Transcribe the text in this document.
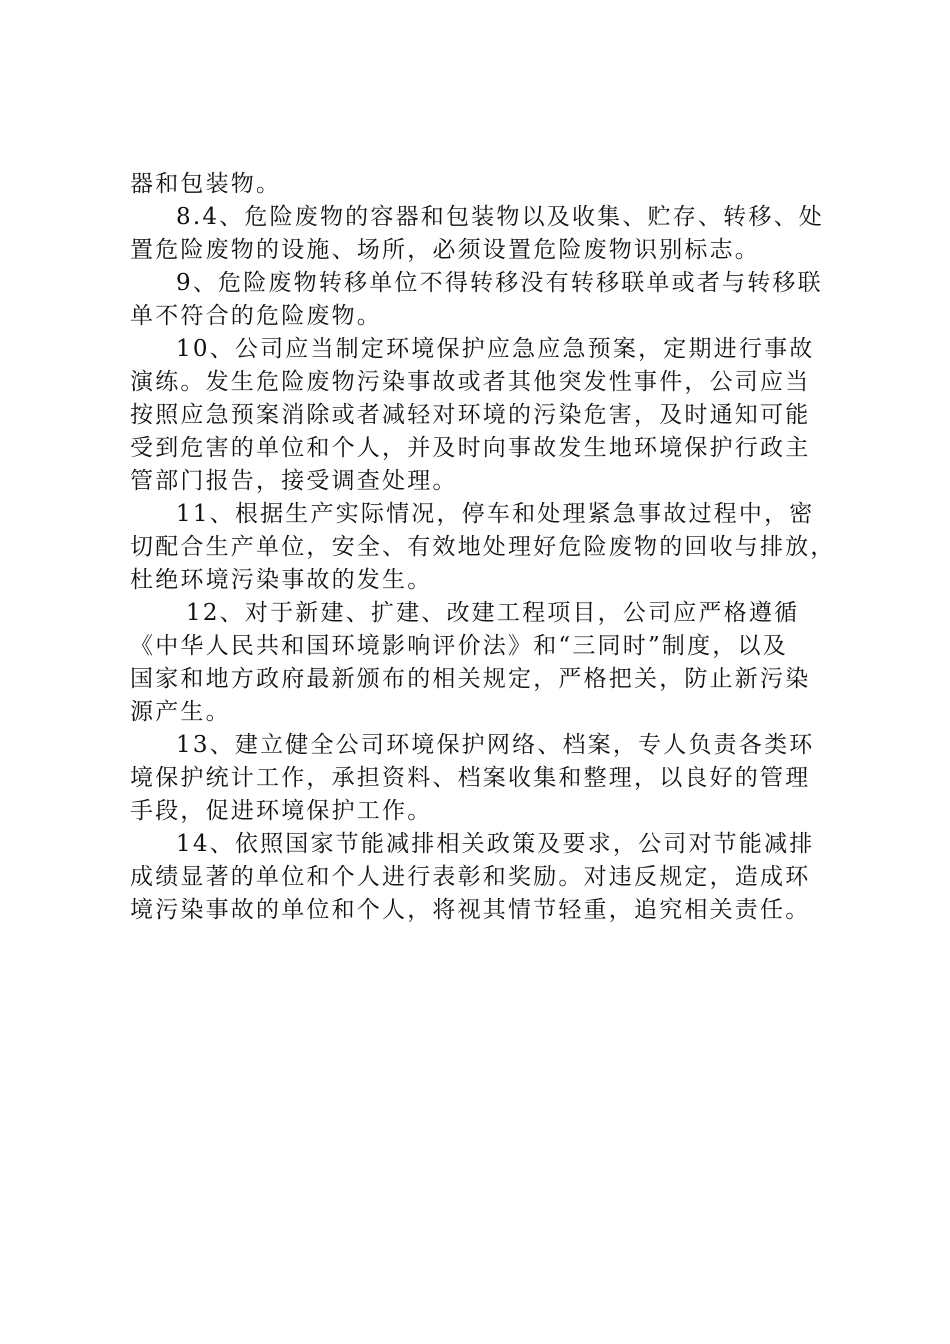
器和包装物。
8.4、危险废物的容器和包装物以及收集、贮存、转移、处
置危险废物的设施、场所，必须设置危险废物识别标志。
9、危险废物转移单位不得转移没有转移联单或者与转移联
单不符合的危险废物。
10、公司应当制定环境保护应急应急预案，定期进行事故
演练。发生危险废物污染事故或者其他突发性事件，公司应当
按照应急预案消除或者减轻对环境的污染危害，及时通知可能
受到危害的单位和个人，并及时向事故发生地环境保护行政主
管部门报告，接受调查处理。
11、根据生产实际情况，停车和处理紧急事故过程中，密
切配合生产单位，安全、有效地处理好危险废物的回收与排放，
杜绝环境污染事故的发生。
12、对于新建、扩建、改建工程项目，公司应严格遵循
《中华人民共和国环境影响评价法》和“三同时”制度，以及
国家和地方政府最新颁布的相关规定，严格把关，防止新污染
源产生。
13、建立健全公司环境保护网络、档案，专人负责各类环
境保护统计工作，承担资料、档案收集和整理，以良好的管理
手段，促进环境保护工作。
14、依照国家节能减排相关政策及要求，公司对节能减排
成绩显著的单位和个人进行表彰和奖励。对违反规定，造成环
境污染事故的单位和个人，将视其情节轻重，追究相关责任。
